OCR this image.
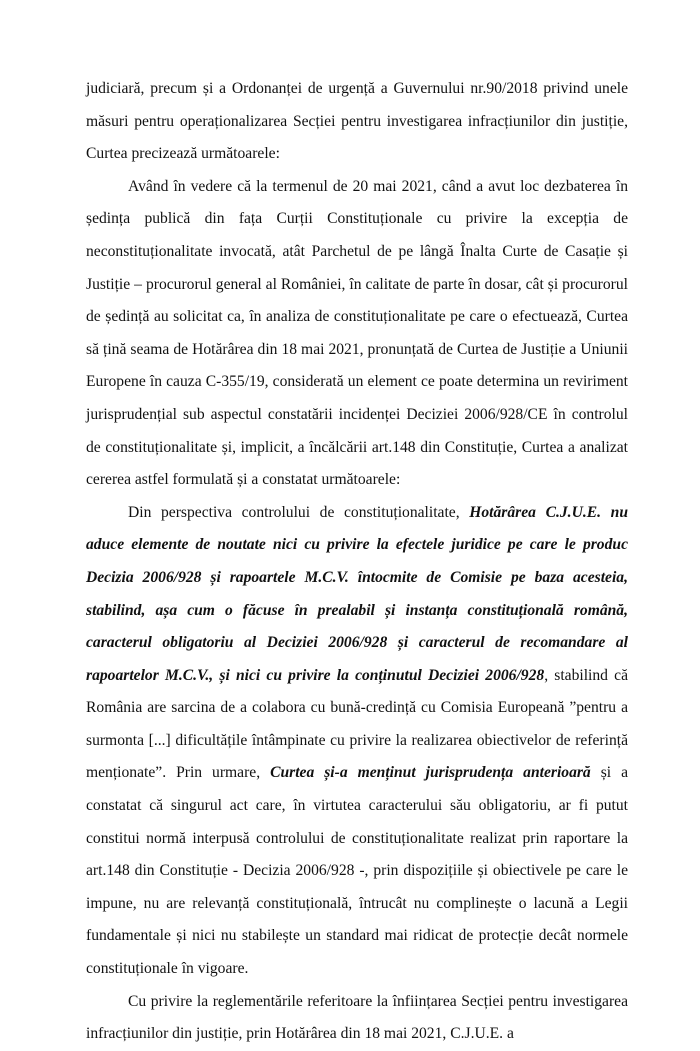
judiciară, precum și a Ordonanței de urgență a Guvernului nr.90/2018 privind unele măsuri pentru operaționalizarea Secției pentru investigarea infracțiunilor din justiție, Curtea precizează următoarele:

Având în vedere că la termenul de 20 mai 2021, când a avut loc dezbaterea în ședința publică din fața Curții Constituționale cu privire la excepția de neconstituționalitate invocată, atât Parchetul de pe lângă Înalta Curte de Casație și Justiție – procurorul general al României, în calitate de parte în dosar, cât și procurorul de ședință au solicitat ca, în analiza de constituționalitate pe care o efectuează, Curtea să țină seama de Hotărârea din 18 mai 2021, pronunțată de Curtea de Justiție a Uniunii Europene în cauza C-355/19, considerată un element ce poate determina un reviriment jurisprudențial sub aspectul constatării incidenței Deciziei 2006/928/CE în controlul de constituționalitate și, implicit, a încălcării art.148 din Constituție, Curtea a analizat cererea astfel formulată și a constatat următoarele:

Din perspectiva controlului de constituționalitate, Hotărârea C.J.U.E. nu aduce elemente de noutate nici cu privire la efectele juridice pe care le produc Decizia 2006/928 și rapoartele M.C.V. întocmite de Comisie pe baza acesteia, stabilind, așa cum o făcuse în prealabil și instanța constituțională română, caracterul obligatoriu al Deciziei 2006/928 și caracterul de recomandare al rapoartelor M.C.V., și nici cu privire la conținutul Deciziei 2006/928, stabilind că România are sarcina de a colabora cu bună-credință cu Comisia Europeană ”pentru a surmonta [...] dificultățile întâmpinate cu privire la realizarea obiectivelor de referință menționate”. Prin urmare, Curtea și-a menținut jurisprudența anterioară și a constatat că singurul act care, în virtutea caracterului său obligatoriu, ar fi putut constitui normă interpusă controlului de constituționalitate realizat prin raportare la art.148 din Constituție - Decizia 2006/928 -, prin dispozițiile și obiectivele pe care le impune, nu are relevanță constituțională, întrucât nu complinește o lacună a Legii fundamentale și nici nu stabilește un standard mai ridicat de protecție decât normele constituționale în vigoare.

Cu privire la reglementările referitoare la înființarea Secției pentru investigarea infracțiunilor din justiție, prin Hotărârea din 18 mai 2021, C.J.U.E. a
